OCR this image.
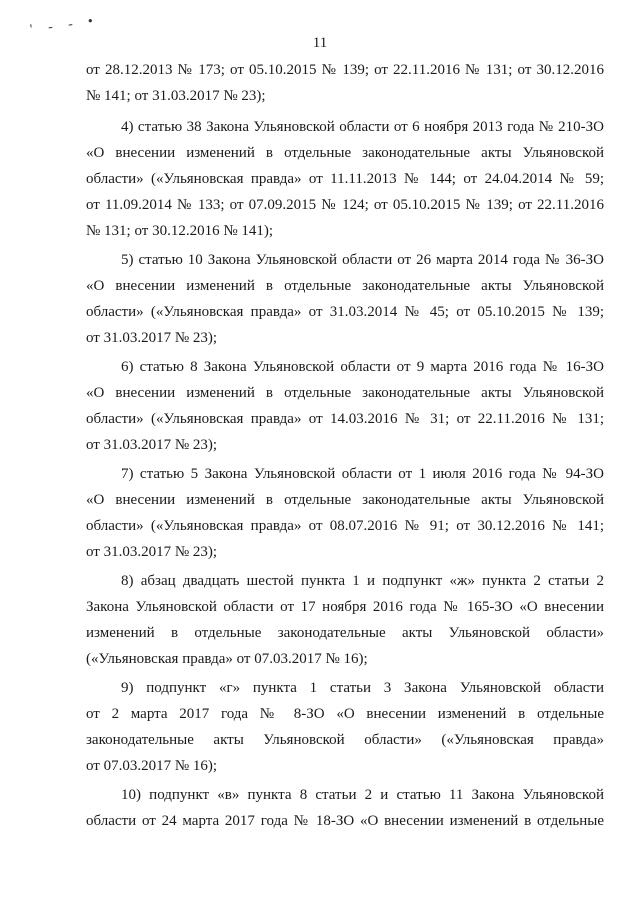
' - - •
11
от 28.12.2013 № 173; от 05.10.2015 № 139; от 22.11.2016 № 131; от 30.12.2016
№ 141; от 31.03.2017 № 23);
4) статью 38 Закона Ульяновской области от 6 ноября 2013 года № 210-ЗО
«О внесении изменений в отдельные законодательные акты Ульяновской
области» («Ульяновская правда» от 11.11.2013 № 144; от 24.04.2014 № 59;
от 11.09.2014 № 133; от 07.09.2015 № 124; от 05.10.2015 № 139; от 22.11.2016
№ 131; от 30.12.2016 № 141);
5) статью 10 Закона Ульяновской области от 26 марта 2014 года № 36-ЗО
«О внесении изменений в отдельные законодательные акты Ульяновской
области» («Ульяновская правда» от 31.03.2014 № 45; от 05.10.2015 № 139;
от 31.03.2017 № 23);
6) статью 8 Закона Ульяновской области от 9 марта 2016 года № 16-ЗО
«О внесении изменений в отдельные законодательные акты Ульяновской
области» («Ульяновская правда» от 14.03.2016 № 31; от 22.11.2016 № 131;
от 31.03.2017 № 23);
7) статью 5 Закона Ульяновской области от 1 июля 2016 года № 94-ЗО
«О внесении изменений в отдельные законодательные акты Ульяновской
области» («Ульяновская правда» от 08.07.2016 № 91; от 30.12.2016 № 141;
от 31.03.2017 № 23);
8) абзац двадцать шестой пункта 1 и подпункт «ж» пункта 2 статьи 2
Закона Ульяновской области от 17 ноября 2016 года № 165-ЗО «О внесении
изменений в отдельные законодательные акты Ульяновской области»
(«Ульяновская правда» от 07.03.2017 № 16);
9) подпункт «г» пункта 1 статьи 3 Закона Ульяновской области
от 2 марта 2017 года № 8-ЗО «О внесении изменений в отдельные
законодательные акты Ульяновской области» («Ульяновская правда»
от 07.03.2017 № 16);
10) подпункт «в» пункта 8 статьи 2 и статью 11 Закона Ульяновской
области от 24 марта 2017 года № 18-ЗО «О внесении изменений в отдельные
